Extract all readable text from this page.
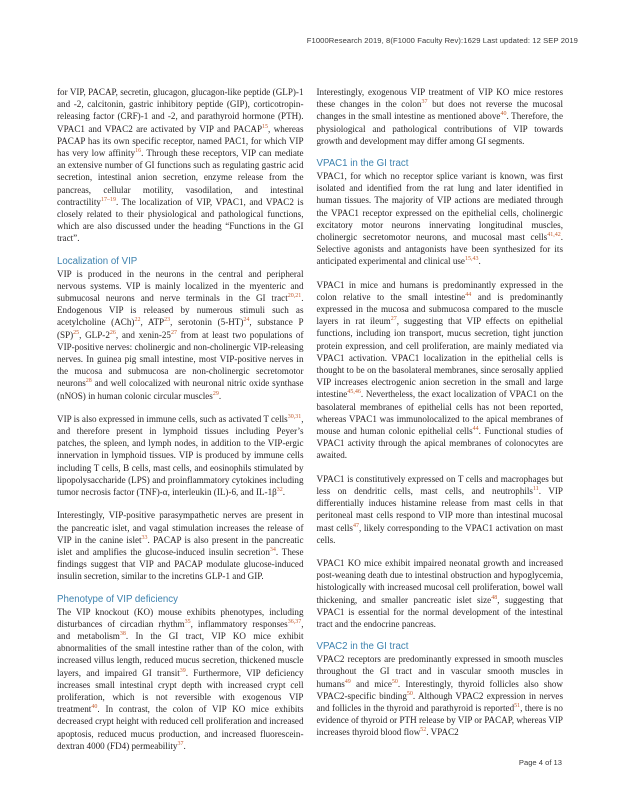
F1000Research 2019, 8(F1000 Faculty Rev):1629 Last updated: 12 SEP 2019

for VIP, PACAP, secretin, glucagon, glucagon-like peptide (GLP)-1 and -2, calcitonin, gastric inhibitory peptide (GIP), corticotropin-releasing factor (CRF)-1 and -2, and parathyroid hormone (PTH). VPAC1 and VPAC2 are activated by VIP and PACAP$^{15}$, whereas PACAP has its own specific receptor, named PAC1, for which VIP has very low affinity$^{16}$. Through these receptors, VIP can mediate an extensive number of GI functions such as regulating gastric acid secretion, intestinal anion secretion, enzyme release from the pancreas, cellular motility, vasodilation, and intestinal contractility$^{17-19}$. The localization of VIP, VPAC1, and VPAC2 is closely related to their physiological and pathological functions, which are also discussed under the heading “Functions in the GI tract”.

Localization of VIP

VIP is produced in the neurons in the central and peripheral nervous systems. VIP is mainly localized in the myenteric and submucosal neurons and nerve terminals in the GI tract$^{20,21}$. Endogenous VIP is released by numerous stimuli such as acetylcholine (ACh)$^{22}$, ATP$^{23}$, serotonin (5-HT)$^{24}$, substance P (SP)$^{25}$, GLP-2$^{26}$, and xenin-25$^{27}$ from at least two populations of VIP-positive nerves: cholinergic and non-cholinergic VIP-releasing nerves. In guinea pig small intestine, most VIP-positive nerves in the mucosa and submucosa are non-cholinergic secretomotor neurons$^{28}$ and well colocalized with neuronal nitric oxide synthase (nNOS) in human colonic circular muscles$^{29}$.

VIP is also expressed in immune cells, such as activated T cells$^{30,31}$, and therefore present in lymphoid tissues including Peyer’s patches, the spleen, and lymph nodes, in addition to the VIP-ergic innervation in lymphoid tissues. VIP is produced by immune cells including T cells, B cells, mast cells, and eosinophils stimulated by lipopolysaccharide (LPS) and proinflammatory cytokines including tumor necrosis factor (TNF)-α, interleukin (IL)-6, and IL-1β$^{32}$.

Interestingly, VIP-positive parasympathetic nerves are present in the pancreatic islet, and vagal stimulation increases the release of VIP in the canine islet$^{33}$. PACAP is also present in the pancreatic islet and amplifies the glucose-induced insulin secretion$^{34}$. These findings suggest that VIP and PACAP modulate glucose-induced insulin secretion, similar to the incretins GLP-1 and GIP.

Phenotype of VIP deficiency

The VIP knockout (KO) mouse exhibits phenotypes, including disturbances of circadian rhythm$^{35}$, inflammatory responses$^{36,37}$, and metabolism$^{38}$. In the GI tract, VIP KO mice exhibit abnormalities of the small intestine rather than of the colon, with increased villus length, reduced mucus secretion, thickened muscle layers, and impaired GI transit$^{39}$. Furthermore, VIP deficiency increases small intestinal crypt depth with increased crypt cell proliferation, which is not reversible with exogenous VIP treatment$^{40}$. In contrast, the colon of VIP KO mice exhibits decreased crypt height with reduced cell proliferation and increased apoptosis, reduced mucus production, and increased fluorescein-dextran 4000 (FD4) permeability$^{37}$.

Interestingly, exogenous VIP treatment of VIP KO mice restores these changes in the colon$^{37}$ but does not reverse the mucosal changes in the small intestine as mentioned above$^{40}$. Therefore, the physiological and pathological contributions of VIP towards growth and development may differ among GI segments.

VPAC1 in the GI tract

VPAC1, for which no receptor splice variant is known, was first isolated and identified from the rat lung and later identified in human tissues. The majority of VIP actions are mediated through the VPAC1 receptor expressed on the epithelial cells, cholinergic excitatory motor neurons innervating longitudinal muscles, cholinergic secretomotor neurons, and mucosal mast cells$^{41,42}$. Selective agonists and antagonists have been synthesized for its anticipated experimental and clinical use$^{15,43}$.

VPAC1 in mice and humans is predominantly expressed in the colon relative to the small intestine$^{44}$ and is predominantly expressed in the mucosa and submucosa compared to the muscle layers in rat ileum$^{27}$, suggesting that VIP effects on epithelial functions, including ion transport, mucus secretion, tight junction protein expression, and cell proliferation, are mainly mediated via VPAC1 activation. VPAC1 localization in the epithelial cells is thought to be on the basolateral membranes, since serosally applied VIP increases electrogenic anion secretion in the small and large intestine$^{45,46}$. Nevertheless, the exact localization of VPAC1 on the basolateral membranes of epithelial cells has not been reported, whereas VPAC1 was immunolocalized to the apical membranes of mouse and human colonic epithelial cells$^{44}$. Functional studies of VPAC1 activity through the apical membranes of colonocytes are awaited.

VPAC1 is constitutively expressed on T cells and macrophages but less on dendritic cells, mast cells, and neutrophils$^{11}$. VIP differentially induces histamine release from mast cells in that peritoneal mast cells respond to VIP more than intestinal mucosal mast cells$^{47}$, likely corresponding to the VPAC1 activation on mast cells.

VPAC1 KO mice exhibit impaired neonatal growth and increased post-weaning death due to intestinal obstruction and hypoglycemia, histologically with increased mucosal cell proliferation, bowel wall thickening, and smaller pancreatic islet size$^{48}$, suggesting that VPAC1 is essential for the normal development of the intestinal tract and the endocrine pancreas.

VPAC2 in the GI tract

VPAC2 receptors are predominantly expressed in smooth muscles throughout the GI tract and in vascular smooth muscles in humans$^{49}$ and mice$^{50}$. Interestingly, thyroid follicles also show VPAC2-specific binding$^{50}$. Although VPAC2 expression in nerves and follicles in the thyroid and parathyroid is reported$^{51}$, there is no evidence of thyroid or PTH release by VIP or PACAP, whereas VIP increases thyroid blood flow$^{52}$. VPAC2

Page 4 of 13
